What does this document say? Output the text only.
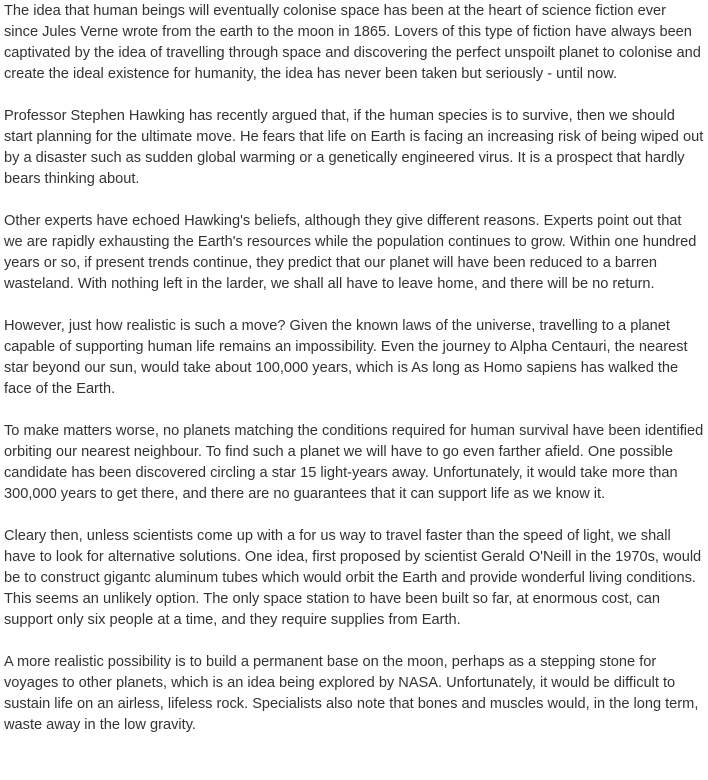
The idea that human beings will eventually colonise space has been at the heart of science fiction ever since Jules Verne wrote from the earth to the moon in 1865. Lovers of this type of fiction have always been captivated by the idea of travelling through space and discovering the perfect unspoilt planet to colonise and create the ideal existence for humanity, the idea has never been taken but seriously - until now.

Professor Stephen Hawking has recently argued that, if the human species is to survive, then we should start planning for the ultimate move. He fears that life on Earth is facing an increasing risk of being wiped out by a disaster such as sudden global warming or a genetically engineered virus. It is a prospect that hardly bears thinking about.

Other experts have echoed Hawking's beliefs, although they give different reasons. Experts point out that we are rapidly exhausting the Earth's resources while the population continues to grow. Within one hundred years or so, if present trends continue, they predict that our planet will have been reduced to a barren wasteland. With nothing left in the larder, we shall all have to leave home, and there will be no return.

However, just how realistic is such a move? Given the known laws of the universe, travelling to a planet capable of supporting human life remains an impossibility. Even the journey to Alpha Centauri, the nearest star beyond our sun, would take about 100,000 years, which is As long as Homo sapiens has walked the face of the Earth.

To make matters worse, no planets matching the conditions required for human survival have been identified orbiting our nearest neighbour. To find such a planet we will have to go even farther afield. One possible candidate has been discovered circling a star 15 light-years away. Unfortunately, it would take more than 300,000 years to get there, and there are no guarantees that it can support life as we know it.

Cleary then, unless scientists come up with a for us way to travel faster than the speed of light, we shall have to look for alternative solutions. One idea, first proposed by scientist Gerald O'Neill in the 1970s, would be to construct gigantc aluminum tubes which would orbit the Earth and provide wonderful living conditions. This seems an unlikely option. The only space station to have been built so far, at enormous cost, can support only six people at a time, and they require supplies from Earth.

A more realistic possibility is to build a permanent base on the moon, perhaps as a stepping stone for voyages to other planets, which is an idea being explored by NASA. Unfortunately, it would be difficult to sustain life on an airless, lifeless rock. Specialists also note that bones and muscles would, in the long term, waste away in the low gravity.
